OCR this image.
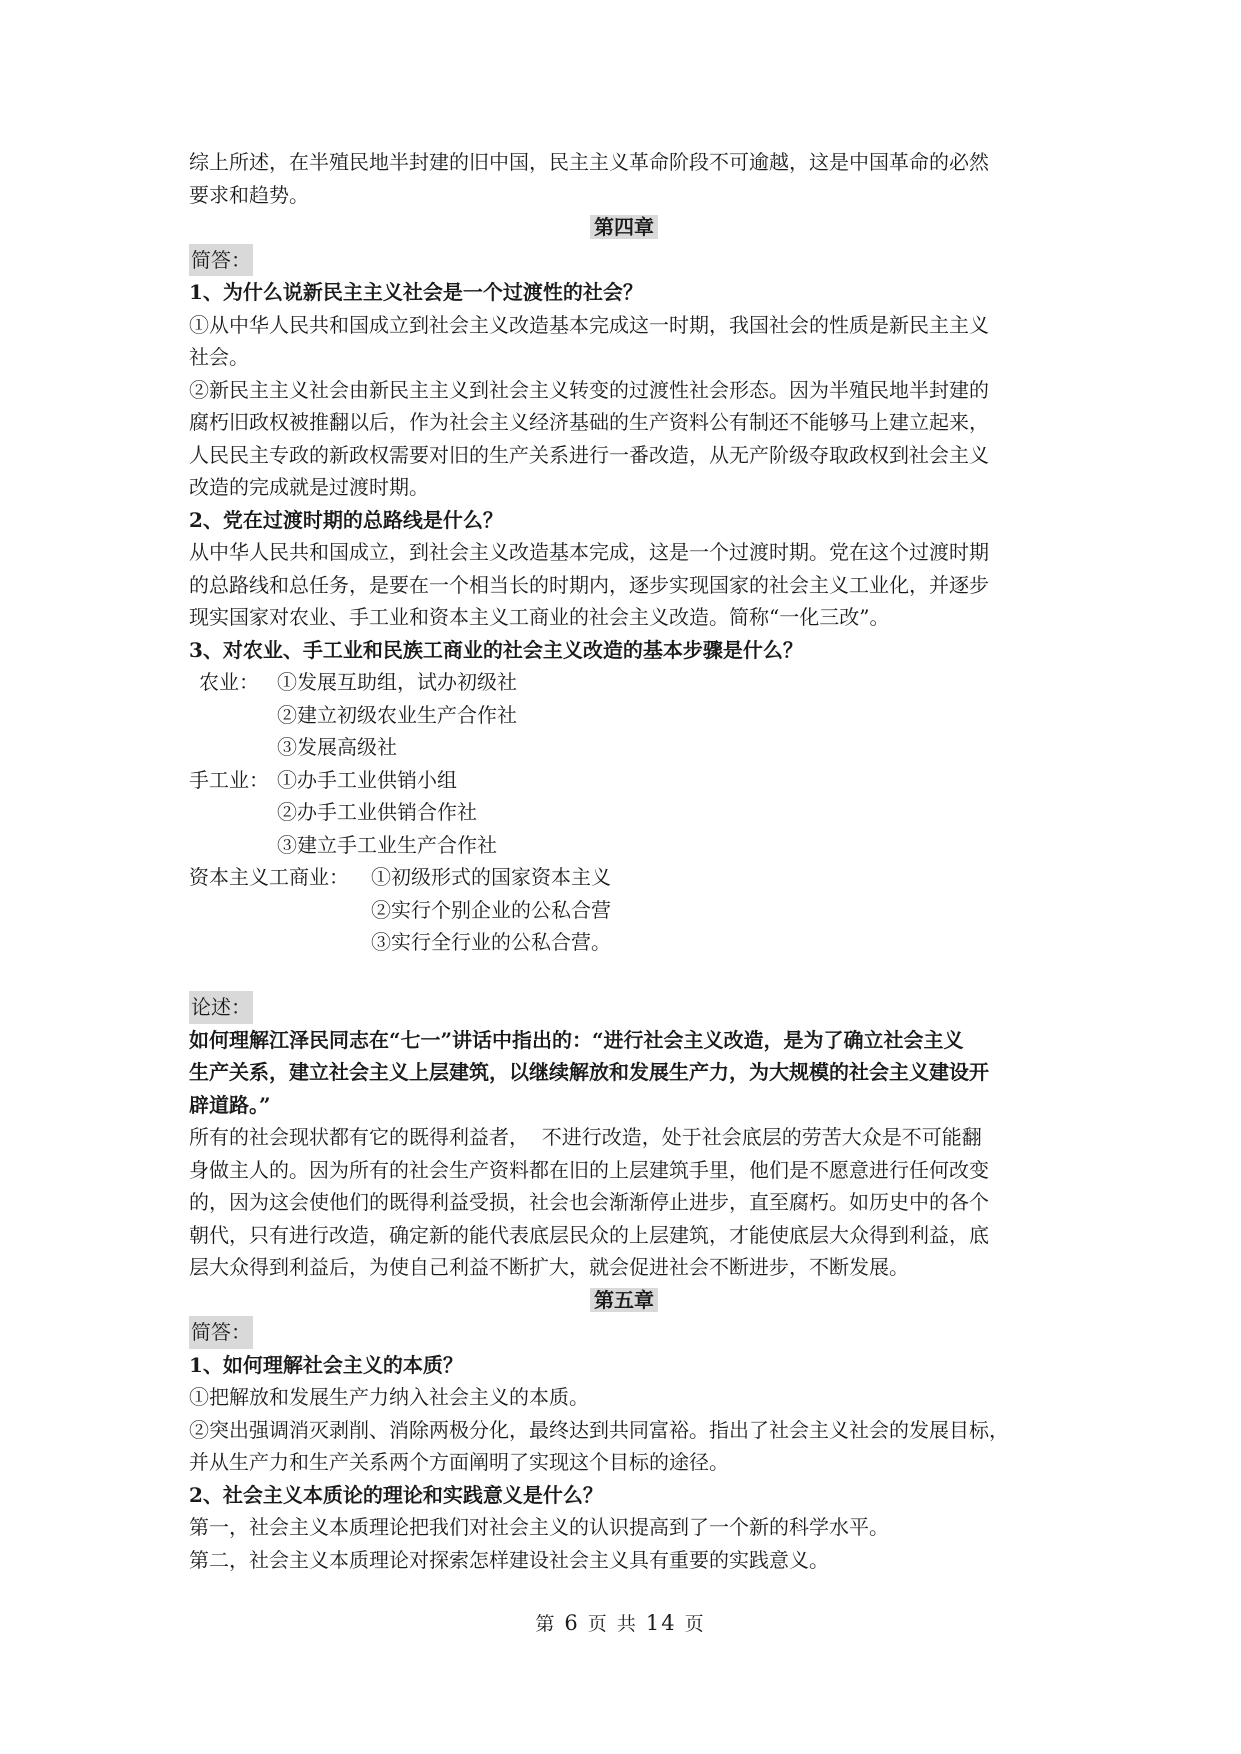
综上所述，在半殖民地半封建的旧中国，民主主义革命阶段不可逾越，这是中国革命的必然

要求和趋势。

第四章

简答：

1、为什么说新民主主义社会是一个过渡性的社会？

①从中华人民共和国成立到社会主义改造基本完成这一时期，我国社会的性质是新民主主义

社会。

②新民主主义社会由新民主主义到社会主义转变的过渡性社会形态。因为半殖民地半封建的

腐朽旧政权被推翻以后，作为社会主义经济基础的生产资料公有制还不能够马上建立起来，

人民民主专政的新政权需要对旧的生产关系进行一番改造，从无产阶级夺取政权到社会主义

改造的完成就是过渡时期。

2、党在过渡时期的总路线是什么？

从中华人民共和国成立，到社会主义改造基本完成，这是一个过渡时期。党在这个过渡时期

的总路线和总任务，是要在一个相当长的时期内，逐步实现国家的社会主义工业化，并逐步

现实国家对农业、手工业和资本主义工商业的社会主义改造。简称“一化三改”。

3、对农业、手工业和民族工商业的社会主义改造的基本步骤是什么？

农业： ①发展互助组，试办初级社
②建立初级农业生产合作社
③发展高级社
手工业： ①办手工业供销小组
②办手工业供销合作社
③建立手工业生产合作社
资本主义工商业：	①初级形式的国家资本主义
②实行个别企业的公私合营
③实行全行业的公私合营。

论述：

如何理解江泽民同志在“七一”讲话中指出的：“进行社会主义改造，是为了确立社会主义

生产关系，建立社会主义上层建筑，以继续解放和发展生产力，为大规模的社会主义建设开

辟道路。”

所有的社会现状都有它的既得利益者，  不进行改造，处于社会底层的劳苦大众是不可能翻

身做主人的。因为所有的社会生产资料都在旧的上层建筑手里，他们是不愿意进行任何改变

的，因为这会使他们的既得利益受损，社会也会渐渐停止进步，直至腐朽。如历史中的各个

朝代，只有进行改造，确定新的能代表底层民众的上层建筑，才能使底层大众得到利益，底

层大众得到利益后，为使自己利益不断扩大，就会促进社会不断进步，不断发展。

第五章

简答：

1、如何理解社会主义的本质？

①把解放和发展生产力纳入社会主义的本质。

②突出强调消灭剥削、消除两极分化，最终达到共同富裕。指出了社会主义社会的发展目标，

并从生产力和生产关系两个方面阐明了实现这个目标的途径。

2、社会主义本质论的理论和实践意义是什么？

第一，社会主义本质理论把我们对社会主义的认识提高到了一个新的科学水平。

第二，社会主义本质理论对探索怎样建设社会主义具有重要的实践意义。

第 6 页 共 14 页
